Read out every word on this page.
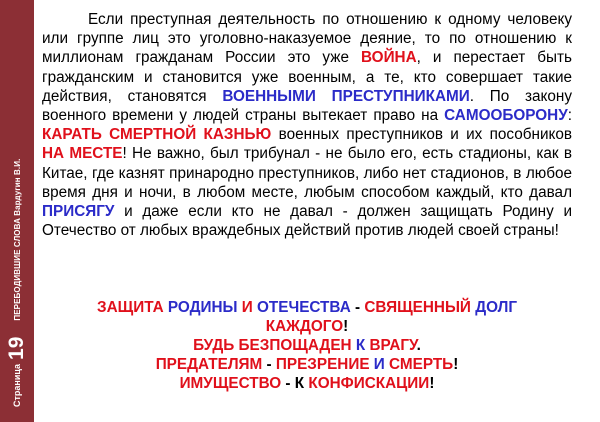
Страница
19
ПЕРЕБОДИВШИЕ СЛОВА Вардугин В.И.

Если преступная деятельность по отношению к одному человеку или группе лиц это уголовно-наказуемое деяние, то по отношению к миллионам гражданам России это уже ВОЙНА, и перестает быть гражданским и становится уже военным, а те, кто совершает такие действия, становятся ВОЕННЫМИ ПРЕСТУПНИКАМИ. По закону военного времени у людей страны вытекает право на САМООБОРОНУ: КАРАТЬ СМЕРТНОЙ КАЗНЬЮ военных преступников и их пособников НА МЕСТЕ! Не важно, был трибунал - не было его, есть стадионы, как в Китае, где казнят принародно преступников, либо нет стадионов, в любое время дня и ночи, в любом месте, любым способом каждый, кто давал ПРИСЯГУ и даже если кто не давал - должен защищать Родину и Отечество от любых враждебных действий против людей своей страны!

ЗАЩИТА РОДИНЫ И ОТЕЧЕСТВА - СВЯЩЕННЫЙ ДОЛГ
КАЖДОГО!
БУДЬ БЕЗПОЩАДЕН К ВРАГУ.
ПРЕДАТЕЛЯМ - ПРЕЗРЕНИЕ И СМЕРТЬ!
ИМУЩЕСТВО - К КОНФИСКАЦИИ!
